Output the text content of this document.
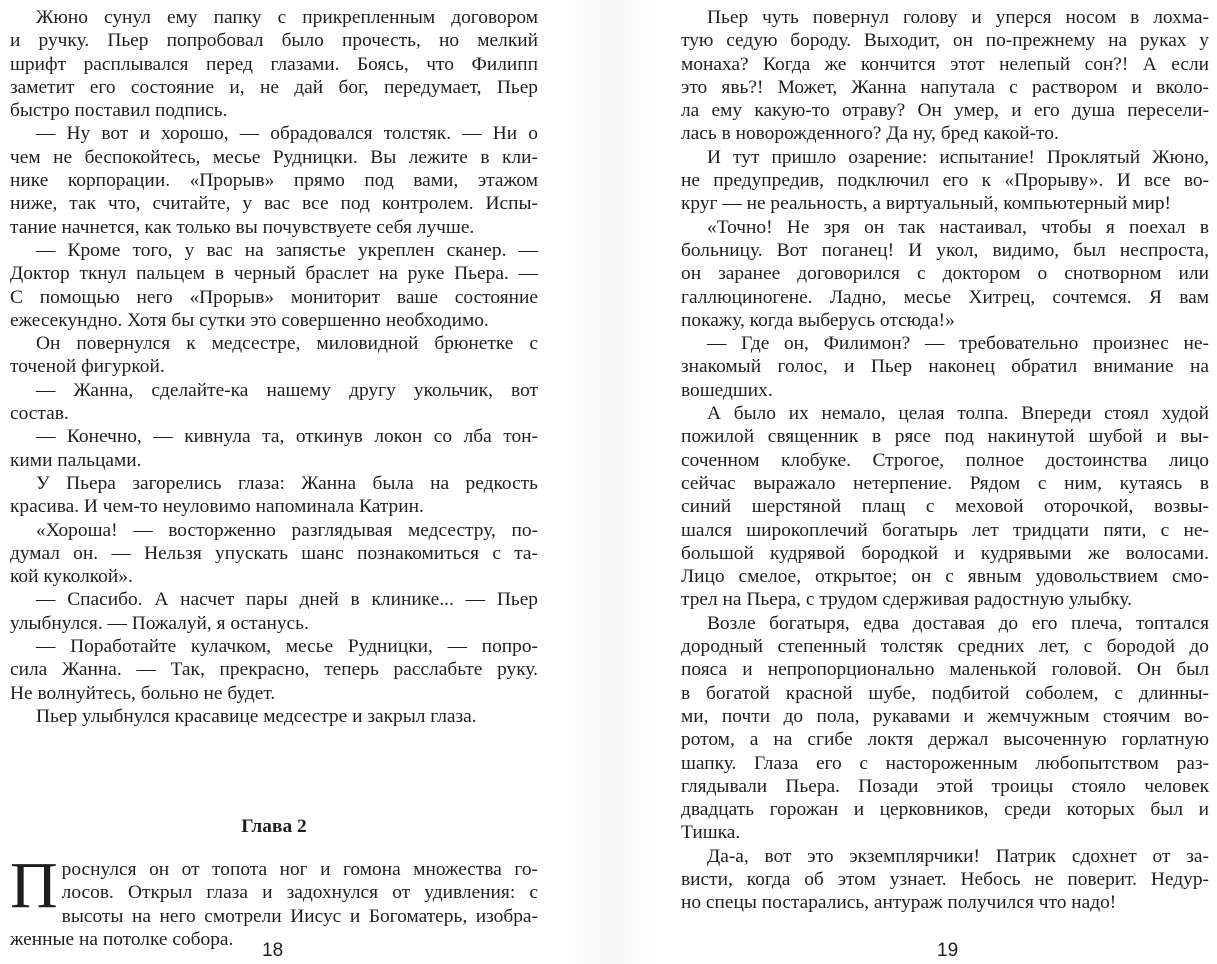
Жюно сунул ему папку с прикрепленным договором
и ручку. Пьер попробовал было прочесть, но мелкий
шрифт расплывался перед глазами. Боясь, что Филипп
заметит его состояние и, не дай бог, передумает, Пьер
быстро поставил подпись.
— Ну вот и хорошо, — обрадовался толстяк. — Ни о
чем не беспокойтесь, месье Рудницки. Вы лежите в кли-
нике корпорации. «Прорыв» прямо под вами, этажом
ниже, так что, считайте, у вас все под контролем. Испы-
тание начнется, как только вы почувствуете себя лучше.
— Кроме того, у вас на запястье укреплен сканер. —
Доктор ткнул пальцем в черный браслет на руке Пьера. —
С помощью него «Прорыв» мониторит ваше состояние
ежесекундно. Хотя бы сутки это совершенно необходимо.
Он повернулся к медсестре, миловидной брюнетке с
точеной фигуркой.
— Жанна, сделайте-ка нашему другу укольчик, вот
состав.
— Конечно, — кивнула та, откинув локон со лба тон-
кими пальцами.
У Пьера загорелись глаза: Жанна была на редкость
красива. И чем-то неуловимо напоминала Катрин.
«Хороша! — восторженно разглядывая медсестру, по-
думал он. — Нельзя упускать шанс познакомиться с та-
кой куколкой».
— Спасибо. А насчет пары дней в клинике... — Пьер
улыбнулся. — Пожалуй, я останусь.
— Поработайте кулачком, месье Рудницки, — попро-
сила Жанна. — Так, прекрасно, теперь расслабьте руку.
Не волнуйтесь, больно не будет.
Пьер улыбнулся красавице медсестре и закрыл глаза.
Глава 2
П роснулся он от топота ног и гомона множества го-
лосов. Открыл глаза и задохнулся от удивления: с
высоты на него смотрели Иисус и Богоматерь, изобра-
женные на потолке собора.
Пьер чуть повернул голову и уперся носом в лохма-
тую седую бороду. Выходит, он по-прежнему на руках у
монаха? Когда же кончится этот нелепый сон?! А если
это явь?! Может, Жанна напутала с раствором и вколо-
ла ему какую-то отраву? Он умер, и его душа пересели-
лась в новорожденного? Да ну, бред какой-то.
И тут пришло озарение: испытание! Проклятый Жюно,
не предупредив, подключил его к «Прорыву». И все во-
круг — не реальность, а виртуальный, компьютерный мир!
«Точно! Не зря он так настаивал, чтобы я поехал в
больницу. Вот поганец! И укол, видимо, был неспроста,
он заранее договорился с доктором о снотворном или
галлюциногене. Ладно, месье Хитрец, сочтемся. Я вам
покажу, когда выберусь отсюда!»
— Где он, Филимон? — требовательно произнес не-
знакомый голос, и Пьер наконец обратил внимание на
вошедших.
А было их немало, целая толпа. Впереди стоял худой
пожилой священник в рясе под накинутой шубой и вы-
соченном клобуке. Строгое, полное достоинства лицо
сейчас выражало нетерпение. Рядом с ним, кутаясь в
синий шерстяной плащ с меховой оторочкой, возвы-
шался широкоплечий богатырь лет тридцати пяти, с не-
большой кудрявой бородкой и кудрявыми же волосами.
Лицо смелое, открытое; он с явным удовольствием смо-
трел на Пьера, с трудом сдерживая радостную улыбку.
Возле богатыря, едва доставая до его плеча, топтался
дородный степенный толстяк средних лет, с бородой до
пояса и непропорционально маленькой головой. Он был
в богатой красной шубе, подбитой соболем, с длинны-
ми, почти до пола, рукавами и жемчужным стоячим во-
ротом, а на сгибе локтя держал высоченную горлатную
шапку. Глаза его с настороженным любопытством раз-
глядывали Пьера. Позади этой троицы стояло человек
двадцать горожан и церковников, среди которых был и
Тишка.
Да-а, вот это экземплярчики! Патрик сдохнет от за-
висти, когда об этом узнает. Небось не поверит. Недур-
но спецы постарались, антураж получился что надо!
18	19
